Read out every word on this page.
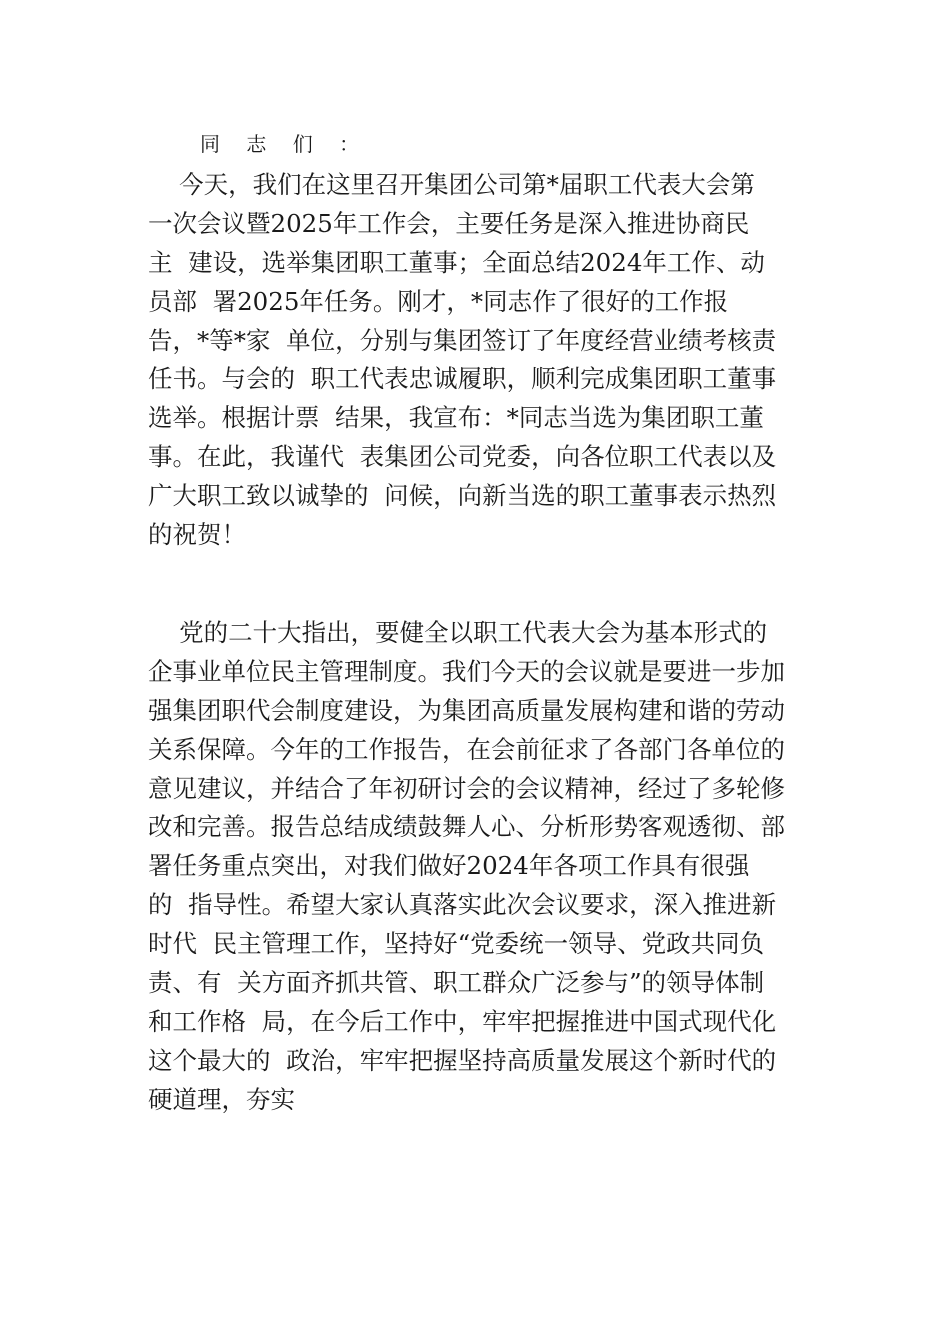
同 志 们 ：
今天，我们在这里召开集团公司第*届职工代表大会第
一次会议暨2025年工作会，主要任务是深入推进协商民
主  建设，选举集团职工董事；全面总结2024年工作、动
员部  署2025年任务。刚才，*同志作了很好的工作报
告，*等*家  单位，分别与集团签订了年度经营业绩考核责
任书。与会的  职工代表忠诚履职，顺利完成集团职工董事
选举。根据计票  结果，我宣布：*同志当选为集团职工董
事。在此，我谨代  表集团公司党委，向各位职工代表以及
广大职工致以诚挚的  问候，向新当选的职工董事表示热烈
的祝贺！
党的二十大指出，要健全以职工代表大会为基本形式的
企事业单位民主管理制度。我们今天的会议就是要进一步加
强集团职代会制度建设，为集团高质量发展构建和谐的劳动
关系保障。今年的工作报告，在会前征求了各部门各单位的
意见建议，并结合了年初研讨会的会议精神，经过了多轮修
改和完善。报告总结成绩鼓舞人心、分析形势客观透彻、部
署任务重点突出，对我们做好2024年各项工作具有很强
的  指导性。希望大家认真落实此次会议要求，深入推进新
时代  民主管理工作，坚持好“党委统一领导、党政共同负
责、有  关方面齐抓共管、职工群众广泛参与”的领导体制
和工作格  局，在今后工作中，牢牢把握推进中国式现代化
这个最大的  政治，牢牢把握坚持高质量发展这个新时代的
硬道理，夯实
